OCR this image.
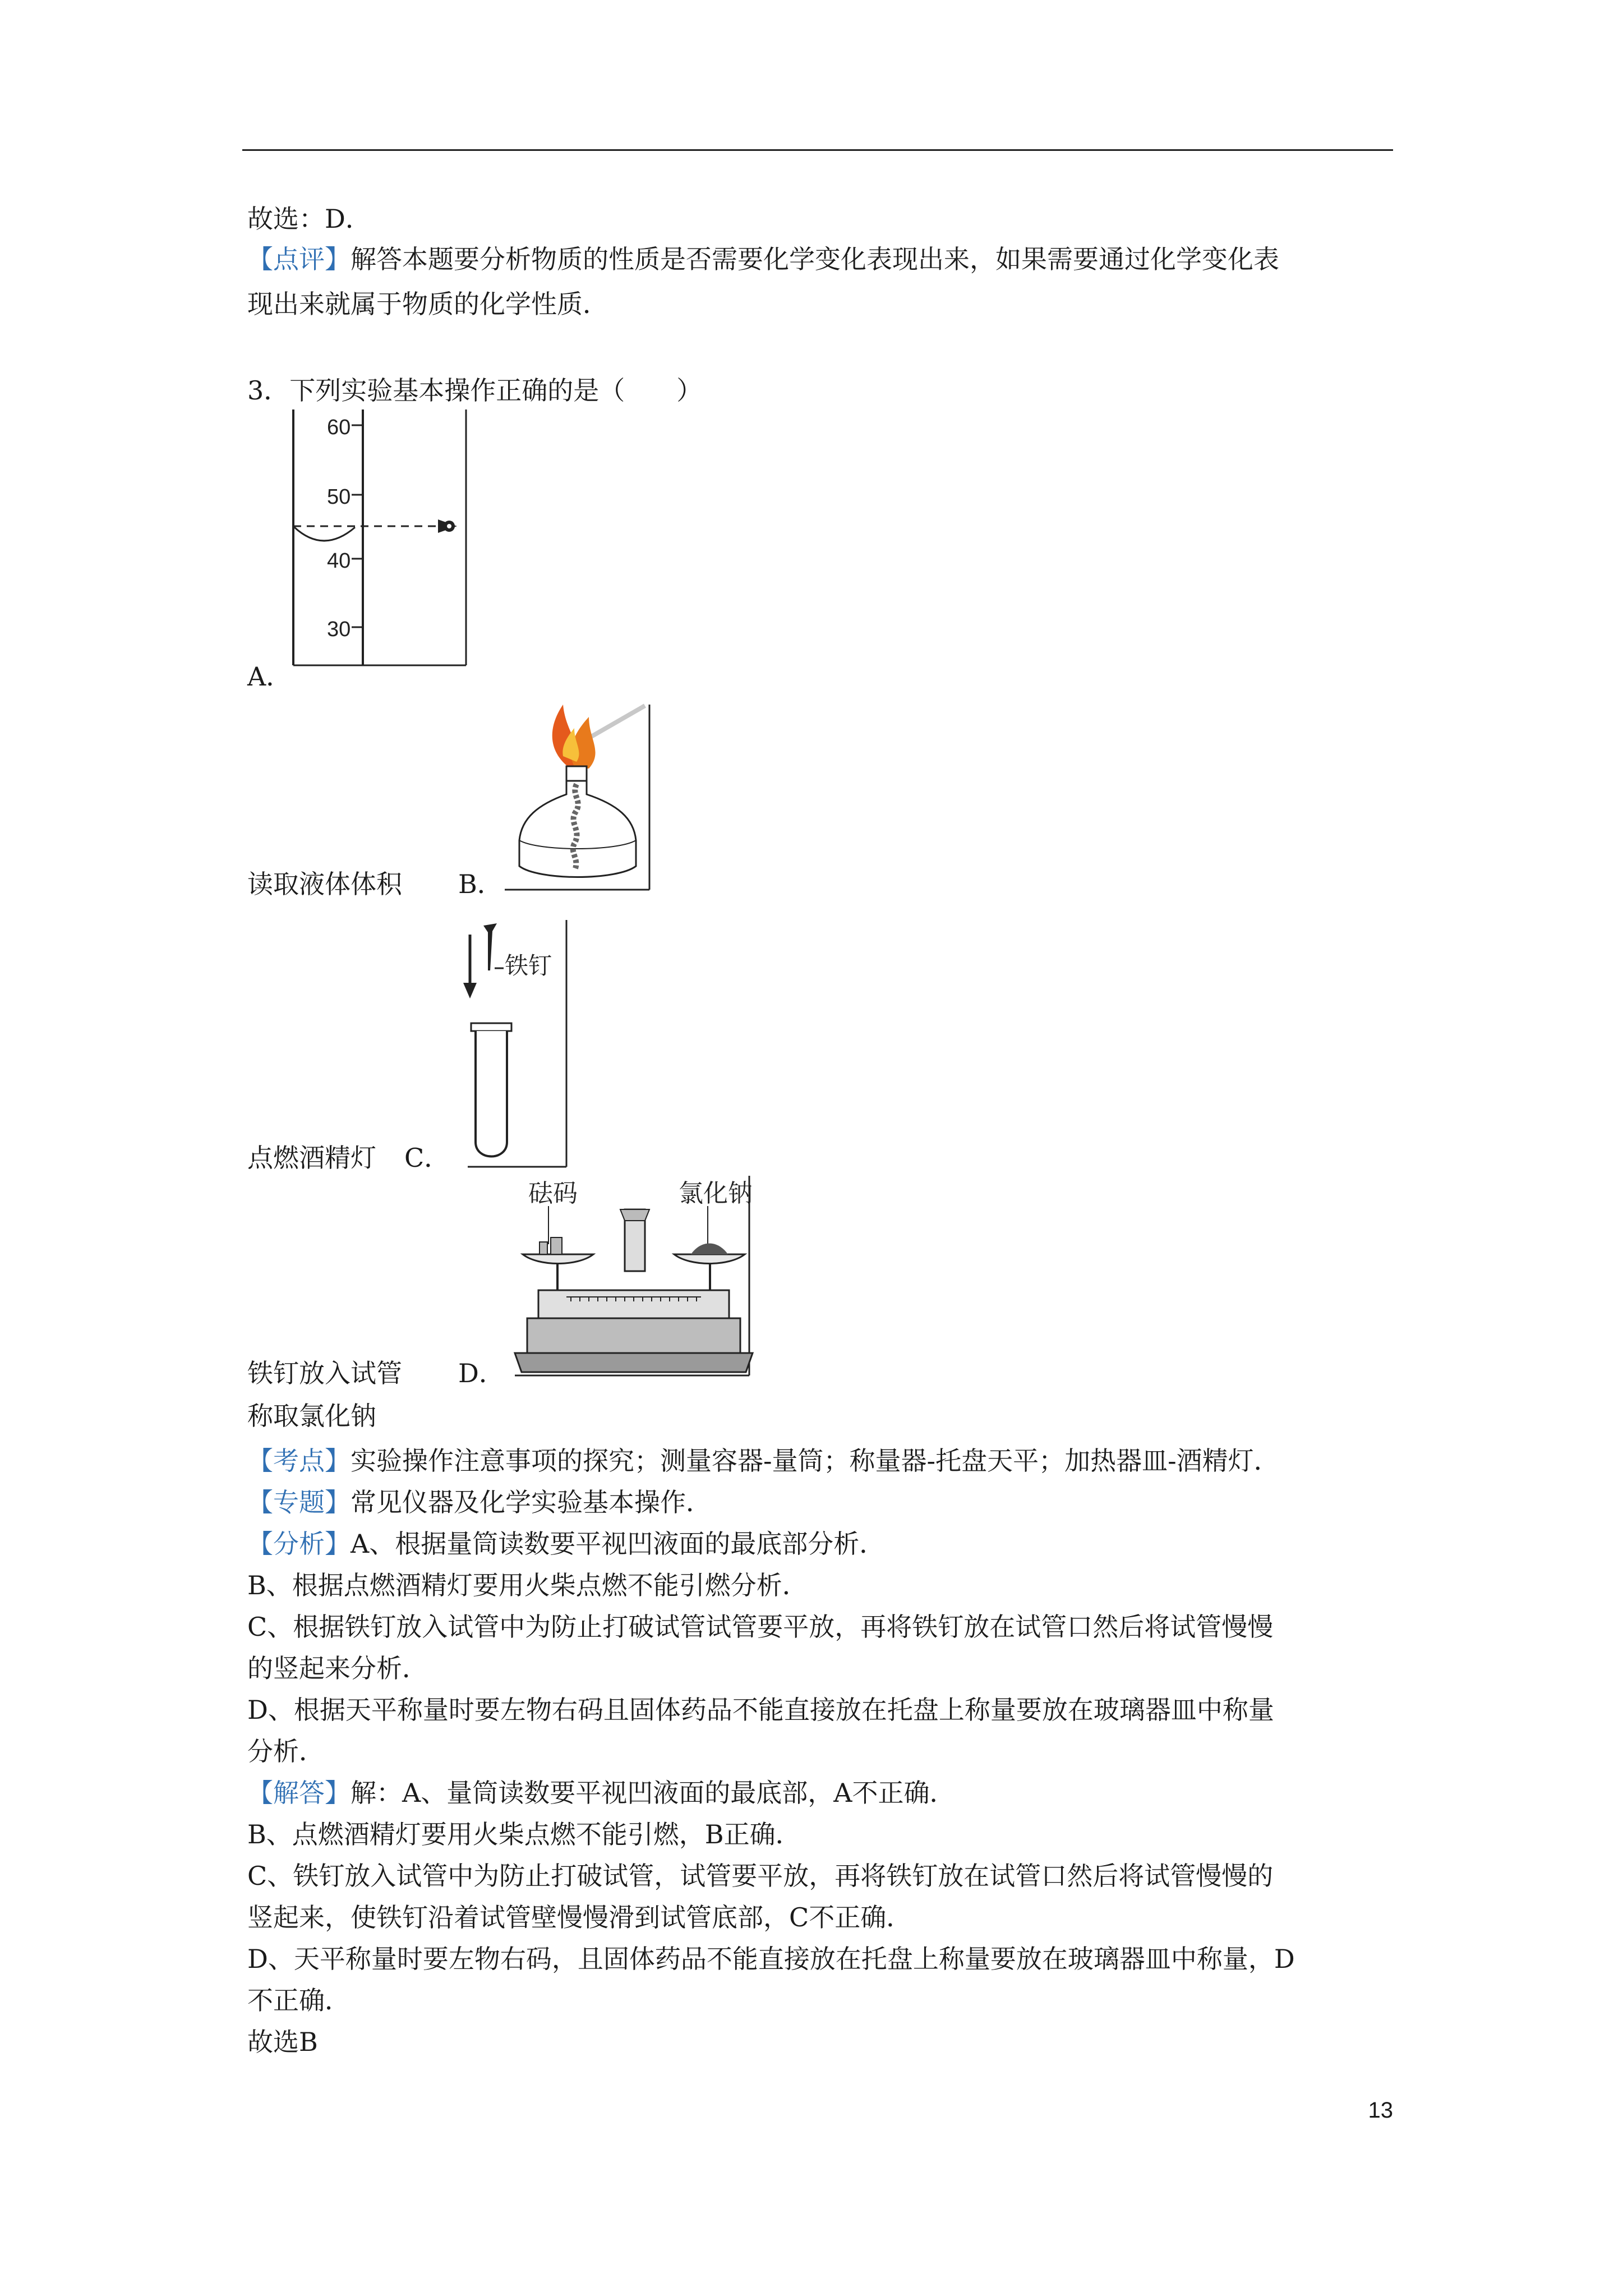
故选：D．
【点评】解答本题要分析物质的性质是否需要化学变化表现出来，如果需要通过化学变化表
现出来就属于物质的化学性质．
3．下列实验基本操作正确的是（　　）
60
50
40
30
A．
读取液体体积 B．
铁钉
点燃酒精灯 C．
砝码	氯化钠
铁钉放入试管 D．
称取氯化钠
【考点】实验操作注意事项的探究；测量容器-量筒；称量器-托盘天平；加热器皿-酒精灯．
【专题】常见仪器及化学实验基本操作．
【分析】A、根据量筒读数要平视凹液面的最底部分析．
B、根据点燃酒精灯要用火柴点燃不能引燃分析．
C、根据铁钉放入试管中为防止打破试管试管要平放，再将铁钉放在试管口然后将试管慢慢
的竖起来分析．
D、根据天平称量时要左物右码且固体药品不能直接放在托盘上称量要放在玻璃器皿中称量
分析．
【解答】解：A、量筒读数要平视凹液面的最底部，A不正确．
B、点燃酒精灯要用火柴点燃不能引燃，B正确．
C、铁钉放入试管中为防止打破试管，试管要平放，再将铁钉放在试管口然后将试管慢慢的
竖起来，使铁钉沿着试管壁慢慢滑到试管底部，C不正确．
D、天平称量时要左物右码，且固体药品不能直接放在托盘上称量要放在玻璃器皿中称量，D
不正确．
故选B
13
